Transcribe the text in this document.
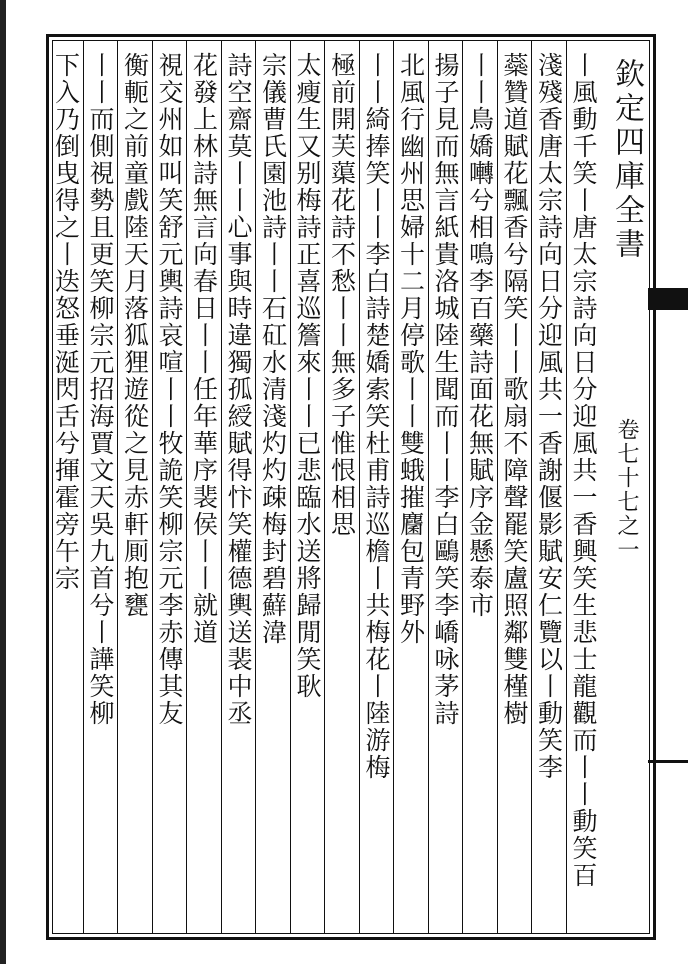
欽定四庫全書
卷七十七之一
丨風動千笑丨唐太宗詩向日分迎風共一香興笑生悲士龍觀而丨丨動笑百
淺殘香唐太宗詩向日分迎風共一香謝偃影賦安仁覽以丨動笑李
蘂贊道賦花飄香兮隔笑丨丨歌扇不障聲罷笑盧照鄰雙槿樹
丨丨鳥嬌囀兮相鳴李百藥詩面花無賦序金懸泰市
揚子見而無言紙貴洛城陸生聞而丨丨李白鷗笑李嶠咏茅詩
北風行幽州思婦十二月停歌丨丨雙蛾摧麕包青野外
丨丨綺捧笑丨丨李白詩楚嬌索笑杜甫詩巡檐丨共梅花丨陸游梅
極前開芙蕖花詩不愁丨丨無多子惟恨相思
太瘦生又别梅詩正喜巡簷來丨丨已悲臨水送將歸閒笑耿
宗儀曹氏園池詩丨丨石矼水清淺灼灼疎梅封碧蘚湋
詩空齋莫丨丨心事與時違獨孤綬賦得忭笑權德輿送裴中丞
花發上林詩無言向春日丨丨任年華序裴侯丨丨就道
視交州如叫笑舒元輿詩哀喧丨丨牧詭笑柳宗元李赤傳其友
衡軛之前童戲陸天月落狐狸遊從之見赤軒厠抱甕
丨丨而側視勢且更笑柳宗元招海賈文天吳九首兮丨譁笑柳
下入乃倒曳得之丨迭怒垂涎閃舌兮揮霍旁午宗
